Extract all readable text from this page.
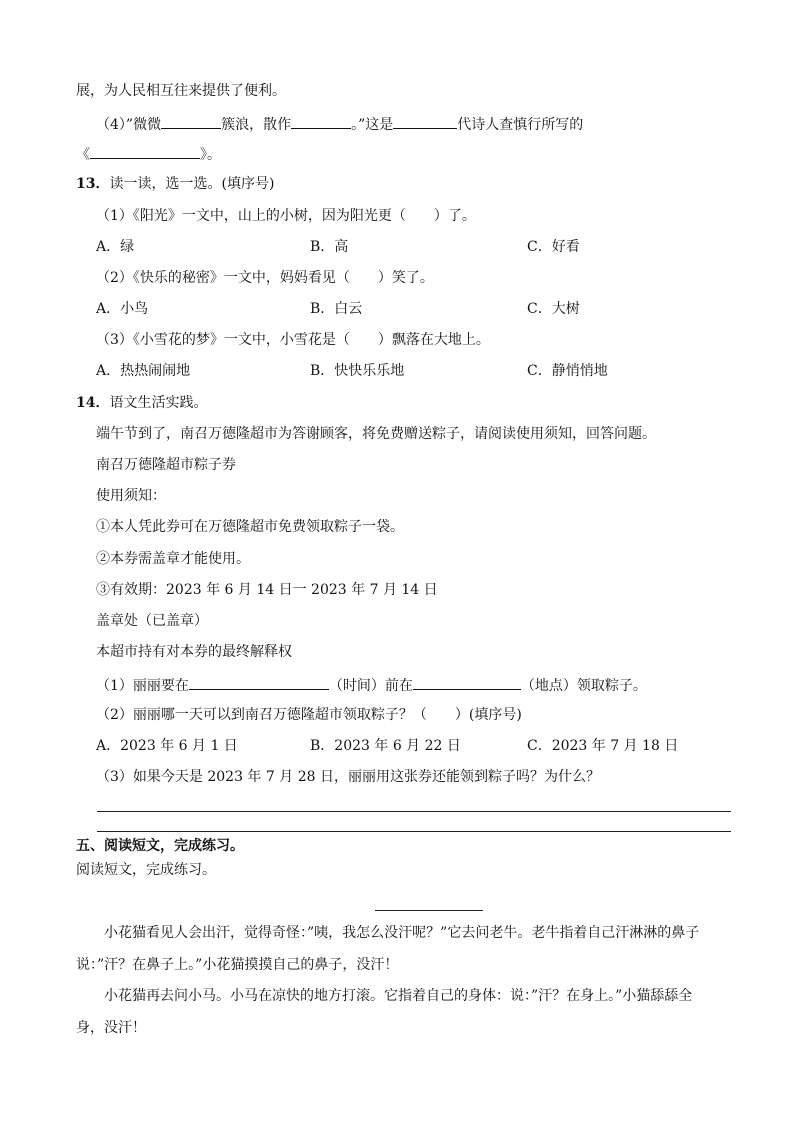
展，为人民相互往来提供了便利。
（4）”微微	簇浪，散作	。”这是	代诗人查慎行所写的
《	》。
13．读一读，选一选。(填序号)
（1）《阳光》一文中，山上的小树，因为阳光更（　　）了。
A．绿	B．高	C．好看
（2）《快乐的秘密》一文中，妈妈看见（　　）笑了。
A．小鸟	B．白云	C．大树
（3）《小雪花的梦》一文中，小雪花是（　　）飘落在大地上。
A．热热闹闹地	B．快快乐乐地	C．静悄悄地
14．语文生活实践。
端午节到了，南召万德隆超市为答谢顾客，将免费赠送粽子，请阅读使用须知，回答问题。
南召万德隆超市粽子券
使用须知：
①本人凭此券可在万德隆超市免费领取粽子一袋。
②本券需盖章才能使用。
③有效期：2023 年 6 月 14 日一 2023 年 7 月 14 日
盖章处（已盖章）
本超市持有对本券的最终解释权
（1）丽丽要在	（时间）前在	（地点）领取粽子。
（2）丽丽哪一天可以到南召万德隆超市领取粽子？（　　）(填序号)
A．2023 年 6 月 1 日	B．2023 年 6 月 22 日	C．2023 年 7 月 18 日
（3）如果今天是 2023 年 7 月 28 日，丽丽用这张券还能领到粽子吗？为什么？
五、阅读短文，完成练习。
阅读短文，完成练习。
小花猫看见人会出汗，觉得奇怪：”咦，我怎么没汗呢？”它去问老牛。老牛指着自己汗淋淋的鼻子
说：”汗？在鼻子上。”小花猫摸摸自己的鼻子，没汗！
小花猫再去问小马。小马在凉快的地方打滚。它指着自己的身体：说：”汗？在身上。”小猫舔舔全
身，没汗！
